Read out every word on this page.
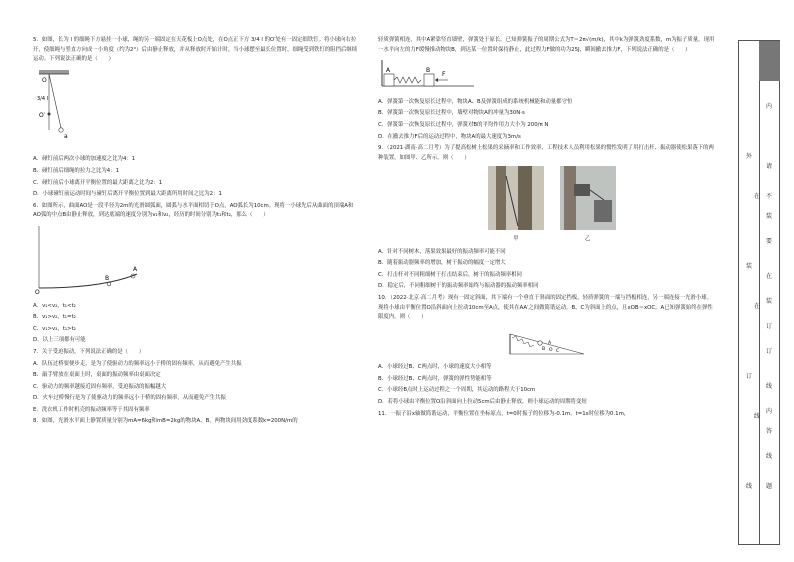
5．如图，长为 l 的细绳下方悬挂一小球，绳的另一端固定在天花板上O点处，在O点正下方 3/4 l 的O′处有一固定细铁钉。将小球向右拉开，使细绳与竖直方向成一小角度（约为2°）后由静止释放，并从释放时开始计时。当小球摆至最长位置时，细绳受到铁钉的阻挡后继续运动。下列说法正确的是（　　）

O
3/4 l
O′
a

A．碰钉前后两次小球的加速度之比为4：1

B．碰钉前后细绳的拉力之比为4：1

C．碰钉前后小球离开平衡位置的最大距离之比为2：1

D．小球碰钉前运动时间与碰钉后离开平衡位置到最大距离所用时间之比为2：1

6．如图所示，曲面AO是一段半径为2m的光滑圆弧面，圆弧与水平面相切于O点，AO弧长为10cm。现将一小球先后从曲面的顶端A和AO弧的中点B由静止释放，到达底端的速度分别为v₁和v₂，经历的时间分别为t₁和t₂，那么（　　）

A
B
O

A．v₁<v₂，t₁<t₂

B．v₁>v₂，t₁=t₂

C．v₁>v₂，t₁>t₂

D．以上三项都有可能

7．关于受迫振动，下列说法正确的是（　　）

A．队伍过桥要便步走，是为了使驱动力的频率远小于桥的固有频率，从而避免产生共振

B．敲手臂放在桌面上时，桌面的振动频率由桌面决定

C．驱动力的频率越接近固有频率，受迫振动的振幅越大

D．火车过桥慢行是为了使驱动力的频率远小于桥的固有频率，从而避免产生共振

E．洗衣机工作时机壳的振动频率等于其固有频率

8．如图，光滑水平面上静置质量分别为mA=6kg和mB=2kg的物块A、B，两物块间用劲度系数k=200N/m的

轻质弹簧相连，其中A紧靠竖直墙壁，弹簧处于原长。已知弹簧振子的周期公式为T＝2π√(m/k)，其中k为弹簧劲度系数，m为振子质量。现用一水平向左的力F缓慢推动物块B，到达某一位置时保持静止，此过程力F做的功为25J，瞬间撤去推力F，下列说法正确的是（　　）

A	B
F

A．弹簧第一次恢复原长过程中，物块A、B及弹簧组成的系统机械能和动量都守恒

B．弹簧第一次恢复原长过程中，墙壁对物块A的冲量为30N·s

C．弹簧第一次恢复原长过程中，弹簧对B的平均作用力大小为 200/π N

D．在撤去推力F后的运动过程中，物块A的最大速度为3m/s

9．（2021·湖南·高二月考）为了提高松树上松果的采摘率和工作效率，工程技术人员利用松果的惯性发明了用打击杆、振动器使松果落下的两种装置，如图甲、乙所示。则（　　）

甲
	乙

A．针对不同树木，落果效果最好的振动频率可能不同

B．随着振动器频率的增加，树干振动的幅度一定增大

C．打击杆对不同粗细树干打击结束后，树干的振动频率相同

D．稳定后，不同粗细树干的振动频率始终与振动器的振动频率相同

10．（2022·北京·高二月考）现有一固定斜面，其下端有一个垂直于斜面的固定挡板，轻质弹簧的一端与挡板相连，另一端连接一光滑小球。现将小球由平衡位置O沿斜面向上拉动10cm至A点，使其在AA′之间做简谐运动，B、C为斜面上的点，且xOB＝xOC。A已知弹簧始终在弹性限度内，则（　　）

A
B O C

A．小球经过B、C两点时，小球的速度大小相等

B．小球经过B、C两点时，弹簧的弹性势能相等

C．小球经B点时上运动过程之一个周期，其运动的路程大于10cm

D．若将小球由平衡位置O沿斜面向上拉动5cm后由静止释放，则小球运动的周期将变短

11．一振子沿x轴做简谐运动，平衡位置在坐标原点，t=0时振子的位移为-0.1m，t=1s时位移为0.1m，

外
装
订
线
内
装
订
线
请
不
要
在
装
订
线
内
答
题
在
在
线
